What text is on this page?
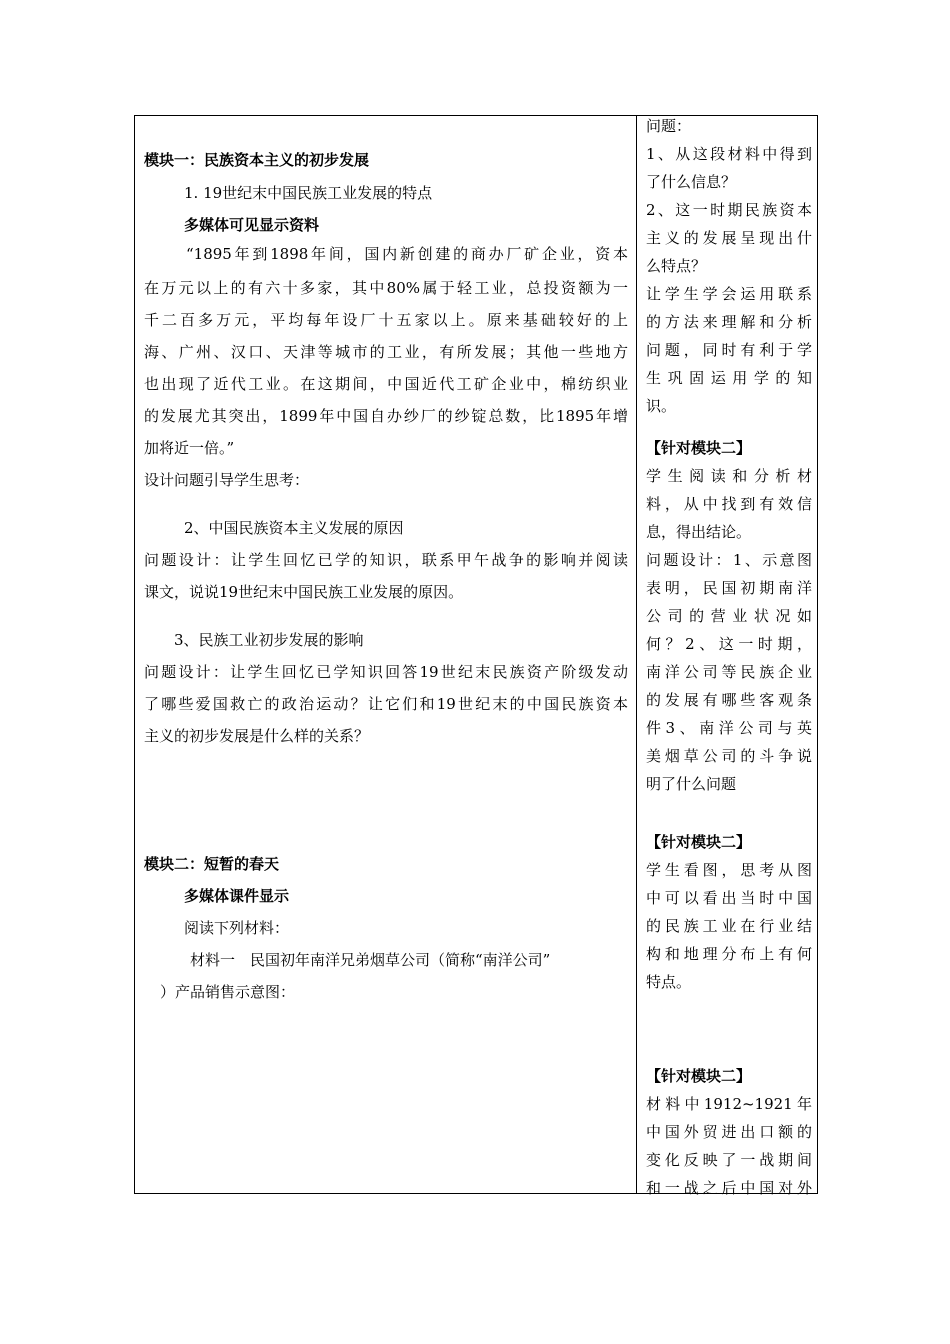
模块一：民族资本主义的初步发展
1. 19世纪末中国民族工业发展的特点
多媒体可见显示资料
“1895年到1898年间，国内新创建的商办厂矿企业，资本
在万元以上的有六十多家，其中80%属于轻工业，总投资额为一
千二百多万元，平均每年设厂十五家以上。原来基础较好的上
海、广州、汉口、天津等城市的工业，有所发展；其他一些地方
也出现了近代工业。在这期间，中国近代工矿企业中，棉纺织业
的发展尤其突出，1899年中国自办纱厂的纱锭总数，比1895年增
加将近一倍。”
设计问题引导学生思考：
2、中国民族资本主义发展的原因
问题设计：让学生回忆已学的知识，联系甲午战争的影响并阅读
课文，说说19世纪末中国民族工业发展的原因。
3、民族工业初步发展的影响
问题设计：让学生回忆已学知识回答19世纪末民族资产阶级发动
了哪些爱国救亡的政治运动？让它们和19世纪末的中国民族资本
主义的初步发展是什么样的关系？
模块二：短暂的春天
多媒体课件显示
阅读下列材料：
材料一　民国初年南洋兄弟烟草公司（简称“南洋公司”
）产品销售示意图：
问题：
1、从这段材料中得到
了什么信息？
2、这一时期民族资本
主义的发展呈现出什
么特点？
让学生学会运用联系
的方法来理解和分析
问题，同时有利于学
生巩固运用学的知
识。
【针对模块二】
学生阅读和分析材
料，从中找到有效信
息，得出结论。
问题设计：1、示意图
表明，民国初期南洋
公司的营业状况如
何？2、这一时期，
南洋公司等民族企业
的发展有哪些客观条
件3、南洋公司与英
美烟草公司的斗争说
明了什么问题
【针对模块二】
学生看图，思考从图
中可以看出当时中国
的民族工业在行业结
构和地理分布上有何
特点。
【针对模块二】
材料中1912~1921年
中国外贸进出口额的
变化反映了一战期间
和一战之后中国对外
